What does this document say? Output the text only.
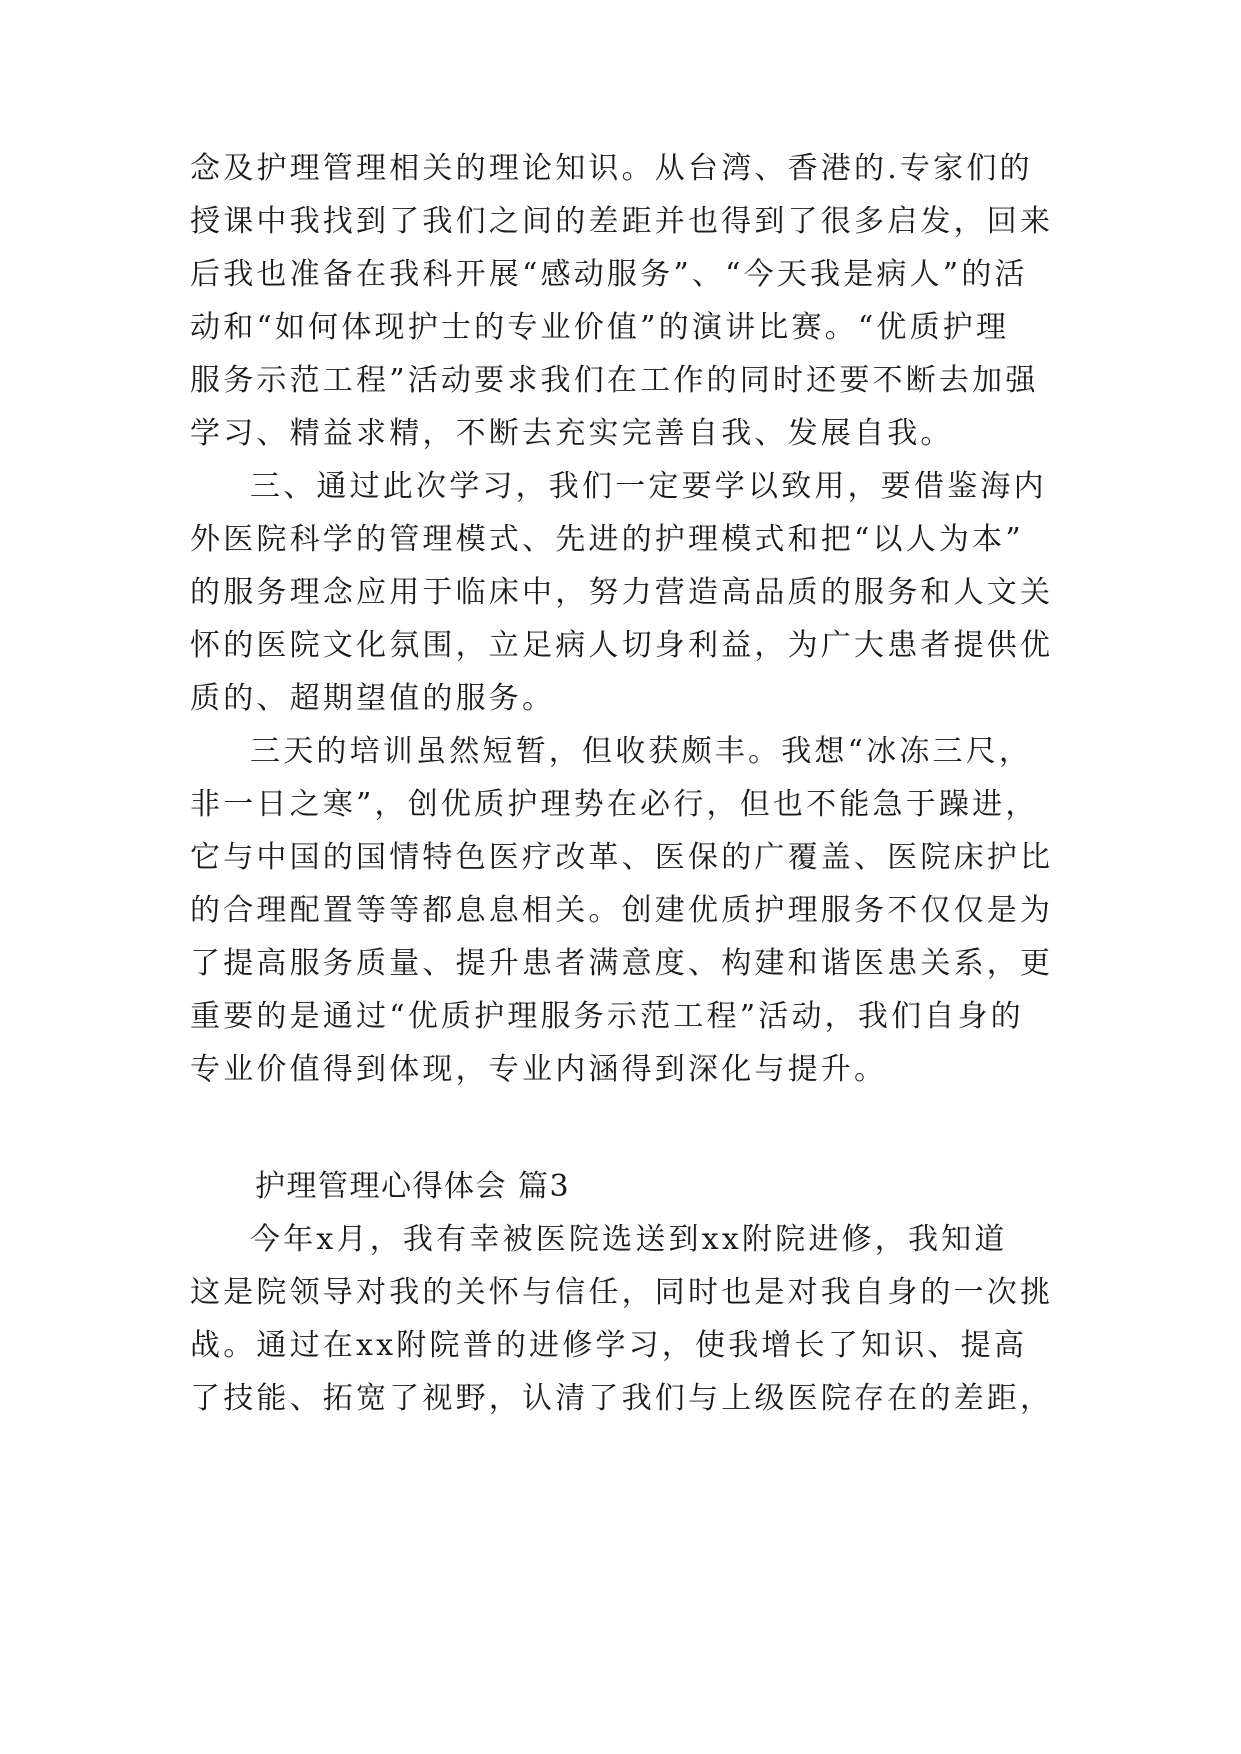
念及护理管理相关的理论知识。从台湾、香港的.专家们的
授课中我找到了我们之间的差距并也得到了很多启发，回来
后我也准备在我科开展“感动服务”、“今天我是病人”的活
动和“如何体现护士的专业价值”的演讲比赛。“优质护理
服务示范工程”活动要求我们在工作的同时还要不断去加强
学习、精益求精，不断去充实完善自我、发展自我。
三、通过此次学习，我们一定要学以致用，要借鉴海内
外医院科学的管理模式、先进的护理模式和把“以人为本”
的服务理念应用于临床中，努力营造高品质的服务和人文关
怀的医院文化氛围，立足病人切身利益，为广大患者提供优
质的、超期望值的服务。
三天的培训虽然短暂，但收获颇丰。我想“冰冻三尺，
非一日之寒”，创优质护理势在必行，但也不能急于躁进，
它与中国的国情特色医疗改革、医保的广覆盖、医院床护比
的合理配置等等都息息相关。创建优质护理服务不仅仅是为
了提高服务质量、提升患者满意度、构建和谐医患关系，更
重要的是通过“优质护理服务示范工程”活动，我们自身的
专业价值得到体现，专业内涵得到深化与提升。
护理管理心得体会 篇3
今年x月，我有幸被医院选送到xx附院进修，我知道
这是院领导对我的关怀与信任，同时也是对我自身的一次挑
战。通过在xx附院普的进修学习，使我增长了知识、提高
了技能、拓宽了视野，认清了我们与上级医院存在的差距，
